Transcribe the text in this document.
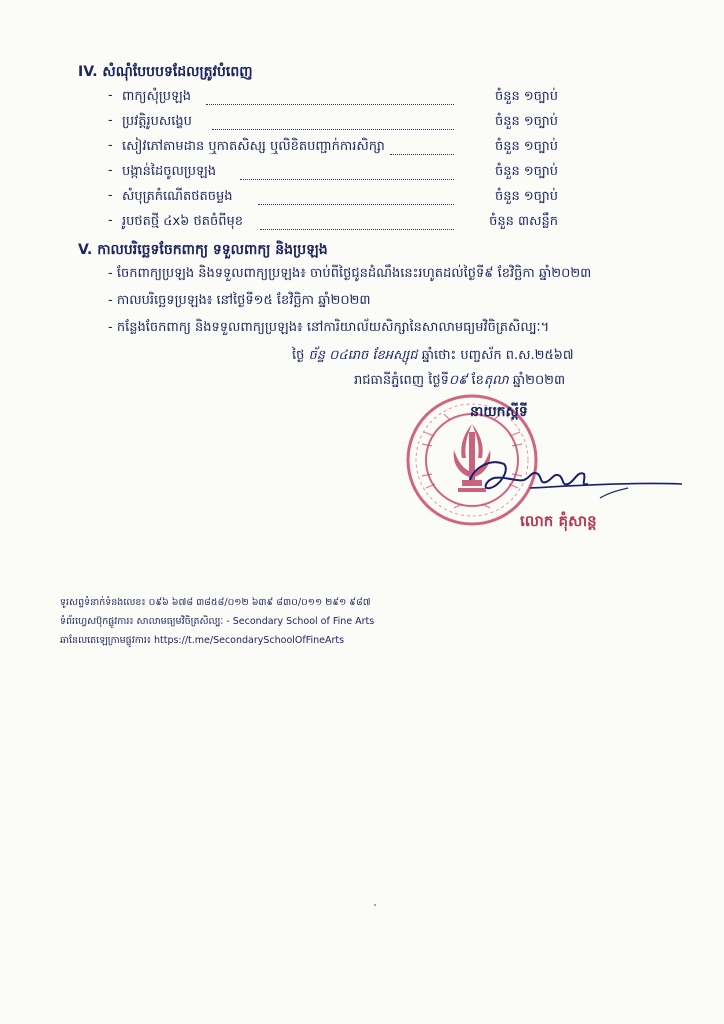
IV. សំណុំបែបបទដែលត្រូវបំពេញ
- ពាក្យសុំប្រឡង	ចំនួន ១ច្បាប់
- ប្រវត្តិរូបសង្ខេប	ចំនួន ១ច្បាប់
- សៀវភៅតាមដាន ឬកាតសិស្ស ឬលិខិតបញ្ជាក់ការសិក្សា	ចំនួន ១ច្បាប់
- បង្កាន់ដៃចូលប្រឡង	ចំនួន ១ច្បាប់
- សំបុត្រកំណើតថតចម្លង	ចំនួន ១ច្បាប់
- រូបថតថ្មី ៤x៦ ថតចំពីមុខ	ចំនួន ៣សន្លឹក
V. កាលបរិច្ឆេទចែកពាក្យ ទទួលពាក្យ និងប្រឡង
- ចែកពាក្យប្រឡង និងទទួលពាក្យប្រឡង៖ ចាប់ពីថ្ងៃជូនដំណឹងនេះរហូតដល់ថ្ងៃទី៩ ខែវិច្ឆិកា ឆ្នាំ២០២៣
- កាលបរិច្ឆេទប្រឡង៖ នៅថ្ងៃទី១៥ ខែវិច្ឆិកា ឆ្នាំ២០២៣
- កន្លែងចែកពាក្យ និងទទួលពាក្យប្រឡង៖ នៅការិយាល័យសិក្សានៃសាលាមធ្យមវិចិត្រសិល្បៈ។
ថ្ងៃ ច័ន្ទ ០៤រោច ខែអស្សុជ ឆ្នាំថោះ បញ្ចស័ក ព.ស.២៥៦៧
រាជធានីភ្នំពេញ ថ្ងៃទី០៩ ខែតុលា ឆ្នាំ២០២៣
នាយកស្ដីទី
លោក គុំសាន្ដ
ទូរសព្ទទំនាក់ទំនងលេខ៖ ០៩៦ ៦៧៨ ៣៨៥៨/០១២ ៦៣៩ ៨៣០/០១១ ២៩១ ៩៨៧
ទំព័រហ្វេសប៊ុកផ្លូវការ៖ សាលាមធ្យមវិចិត្រសិល្បៈ - Secondary School of Fine Arts
ឆានែលតេឡេក្រាមផ្លូវការ៖ https://t.me/SecondarySchoolOfFineArts
